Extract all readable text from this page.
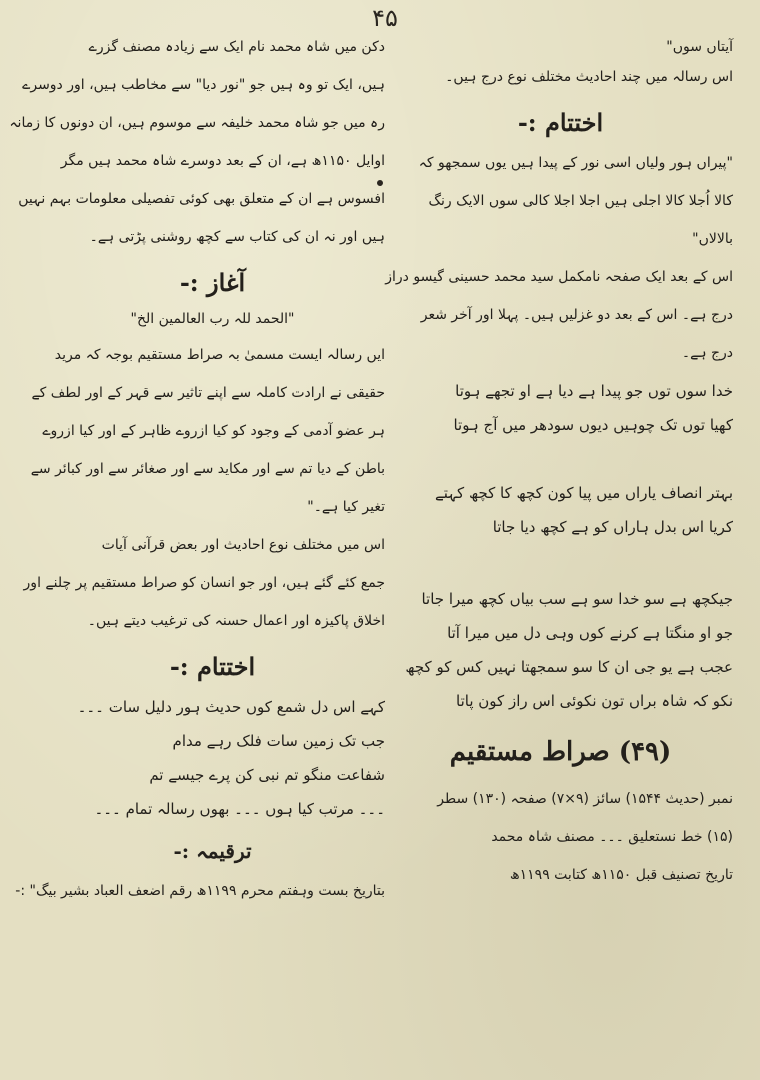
۴۵
آیتاں سوں"
اس رسالہ میں چند احادیث مختلف نوع درج ہیں۔
اختتام :-
"پیراں ہور ولیاں اسی نور کے پیدا ہیں یوں سمجھو کہ
کالا اُجلا کالا اجلی ہیں اجلا اجلا کالی سوں الایک رنگ
بالالاں"
اس کے بعد ایک صفحہ نامکمل سید محمد حسینی گیسو دراز
درج ہے۔ اس کے بعد دو غزلیں ہیں۔ پہلا اور آخر شعر
درج ہے۔
خدا سوں توں جو پیدا ہے دیا ہے او تجھے ہوتا
کھیا توں تک چوہیں دیوں سودھر میں آج ہوتا
بہتر انصاف یاراں میں پیا کون کچھ کا کچھ کہتے
کریا اس بدل ہاراں کو ہے کچھ دیا جاتا
جیکچھ ہے سو خدا سو ہے سب بیاں کچھ میرا جاتا
جو او منگتا ہے کرنے کوں وہی دل میں میرا آتا
عجب ہے یو جی ان کا سو سمجھتا نہیں کس کو کچھ
نکو کہ شاہ براں تون نکوئی اس راز کون پاتا
(۴۹) صراط مستقیم
نمبر (حدیث ۱۵۴۴) سائز (۹×۷) صفحہ (۱۳۰) سطر
(۱۵) خط نستعلیق ۔۔۔ مصنف شاہ محمد
تاریخ تصنیف قبل ۱۱۵۰ھ کتابت ۱۱۹۹ھ
دکن میں شاہ محمد نام ایک سے زیادہ مصنف گزرے
ہیں، ایک تو وہ ہیں جو "نور دیا" سے مخاطب ہیں، اور دوسرے
رہ میں جو شاہ محمد خلیفہ سے موسوم ہیں، ان دونوں کا زمانہ
اوایل ۱۱۵۰ھ ہے، ان کے بعد دوسرے شاہ محمد ہیں مگر
افسوس ہے ان کے متعلق بھی کوئی تفصیلی معلومات بہم نہیں
ہیں اور نہ ان کی کتاب سے کچھ روشنی پڑتی ہے۔
آغاز :-
"الحمد للہ رب العالمین الخ"
ایں رسالہ ایست مسمیٰ بہ صراط مستقیم بوجہ کہ مرید
حقیقی نے ارادت کاملہ سے اپنے تاثیر سے قہر کے اور لطف کے
ہر عضو آدمی کے وجود کو کیا ازروے ظاہر کے اور کیا ازروے
باطن کے دیا تم سے اور مکاید سے اور صغائر سے اور کبائر سے
تغیر کیا ہے۔"
اس میں مختلف نوع احادیث اور بعض قرآنی آیات
جمع کئے گئے ہیں، اور جو انسان کو صراط مستقیم پر چلنے اور
اخلاق پاکیزہ اور اعمال حسنہ کی ترغیب دیتے ہیں۔
اختتام :-
کہے اس دل شمع کوں حدیث ہور دلیل سات ۔۔۔
جب تک زمین سات فلک رہے مدام
شفاعت منگو تم نبی کن پرے جیسے تم
۔۔۔ مرتب کیا ہوں ۔۔۔ بھوں رسالہ تمام ۔۔۔
ترقیمہ :-
بتاریخ بست وہفتم محرم ۱۱۹۹ھ رقم اضعف العباد بشیر بیگ" :-
